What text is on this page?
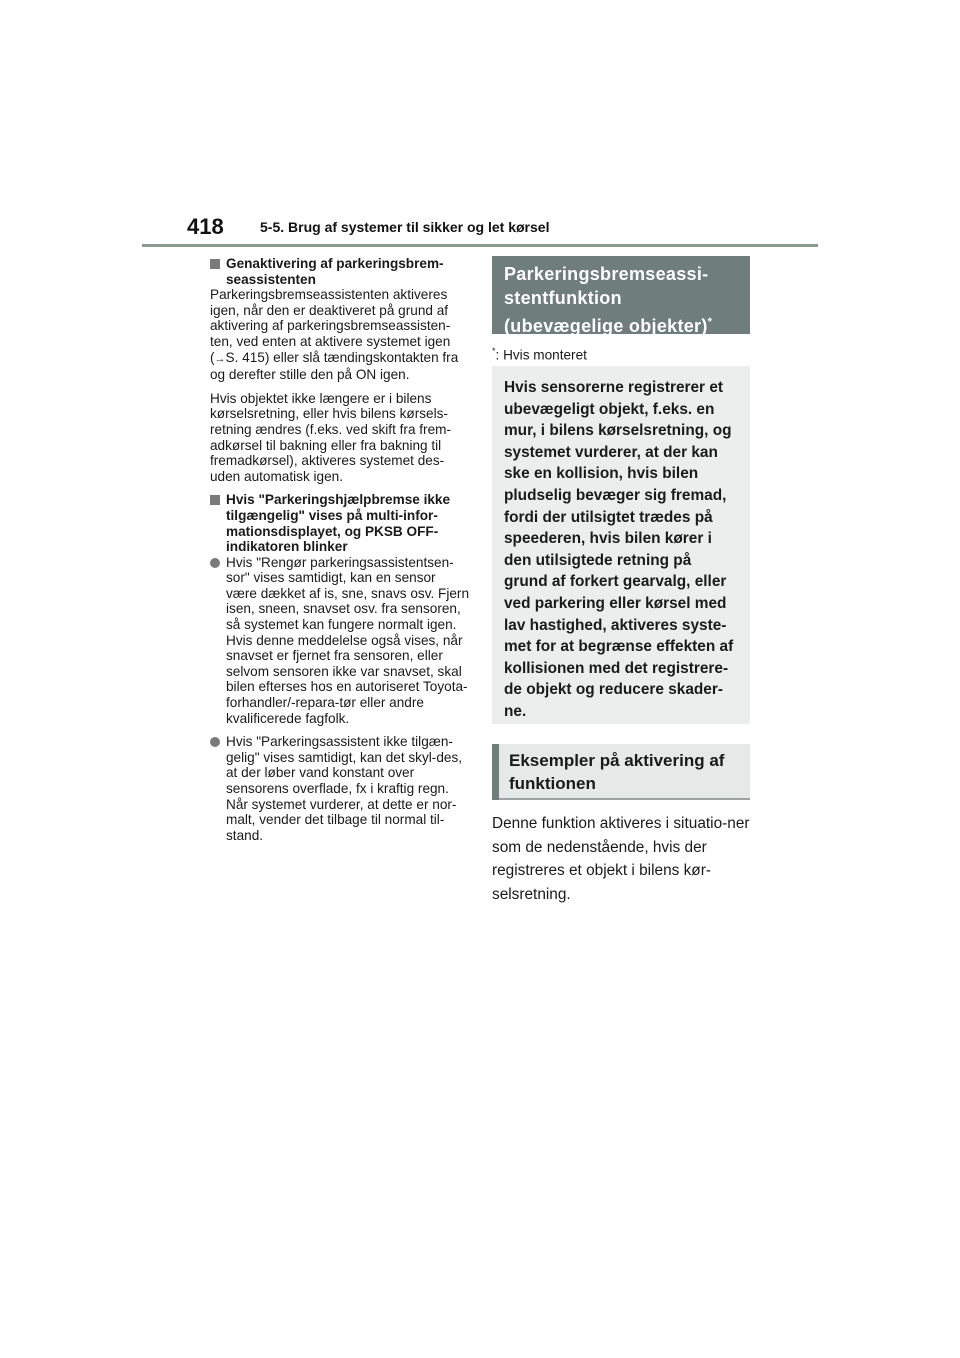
418	5-5. Brug af systemer til sikker og let kørsel

Genaktivering af parkeringsbrem-seassistenten

Parkeringsbremseassistenten aktiveres igen, når den er deaktiveret på grund af aktivering af parkeringsbremseassisten-ten, ved enten at aktivere systemet igen (→S. 415) eller slå tændingskontakten fra og derefter stille den på ON igen.

Hvis objektet ikke længere er i bilens kørselsretning, eller hvis bilens kørsels-retning ændres (f.eks. ved skift fra frem-adkørsel til bakning eller fra bakning til fremadkørsel), aktiveres systemet des-uden automatisk igen.

Hvis "Parkeringshjælpbremse ikke tilgængelig" vises på multi-infor-mationsdisplayet, og PKSB OFF-indikatoren blinker

Hvis "Rengør parkeringsassistentsen-sor" vises samtidigt, kan en sensor være dækket af is, sne, snavs osv. Fjern isen, sneen, snavset osv. fra sensoren, så systemet kan fungere normalt igen. Hvis denne meddelelse også vises, når snavset er fjernet fra sensoren, eller selvom sensoren ikke var snavset, skal bilen efterses hos en autoriseret Toyota-forhandler/-repara-tør eller andre kvalificerede fagfolk.
Hvis "Parkeringsassistent ikke tilgæn-gelig" vises samtidigt, kan det skyl-des, at der løber vand konstant over sensorens overflade, fx i kraftig regn. Når systemet vurderer, at dette er nor-malt, vender det tilbage til normal til-stand.
Parkeringsbremseassi-
stentfunktion
(ubevægelige objekter)*
*: Hvis monteret
Hvis sensorerne registrerer et ubevægeligt objekt, f.eks. en mur, i bilens kørselsretning, og systemet vurderer, at der kan ske en kollision, hvis bilen pludselig bevæger sig fremad, fordi der utilsigtet trædes på speederen, hvis bilen kører i den utilsigtede retning på grund af forkert gearvalg, eller ved parkering eller kørsel med lav hastighed, aktiveres syste-met for at begrænse effekten af kollisionen med det registrere-de objekt og reducere skader-ne.
Eksempler på aktivering af funktionen
Denne funktion aktiveres i situatio-ner som de nedenstående, hvis der registreres et objekt i bilens kør-selsretning.
